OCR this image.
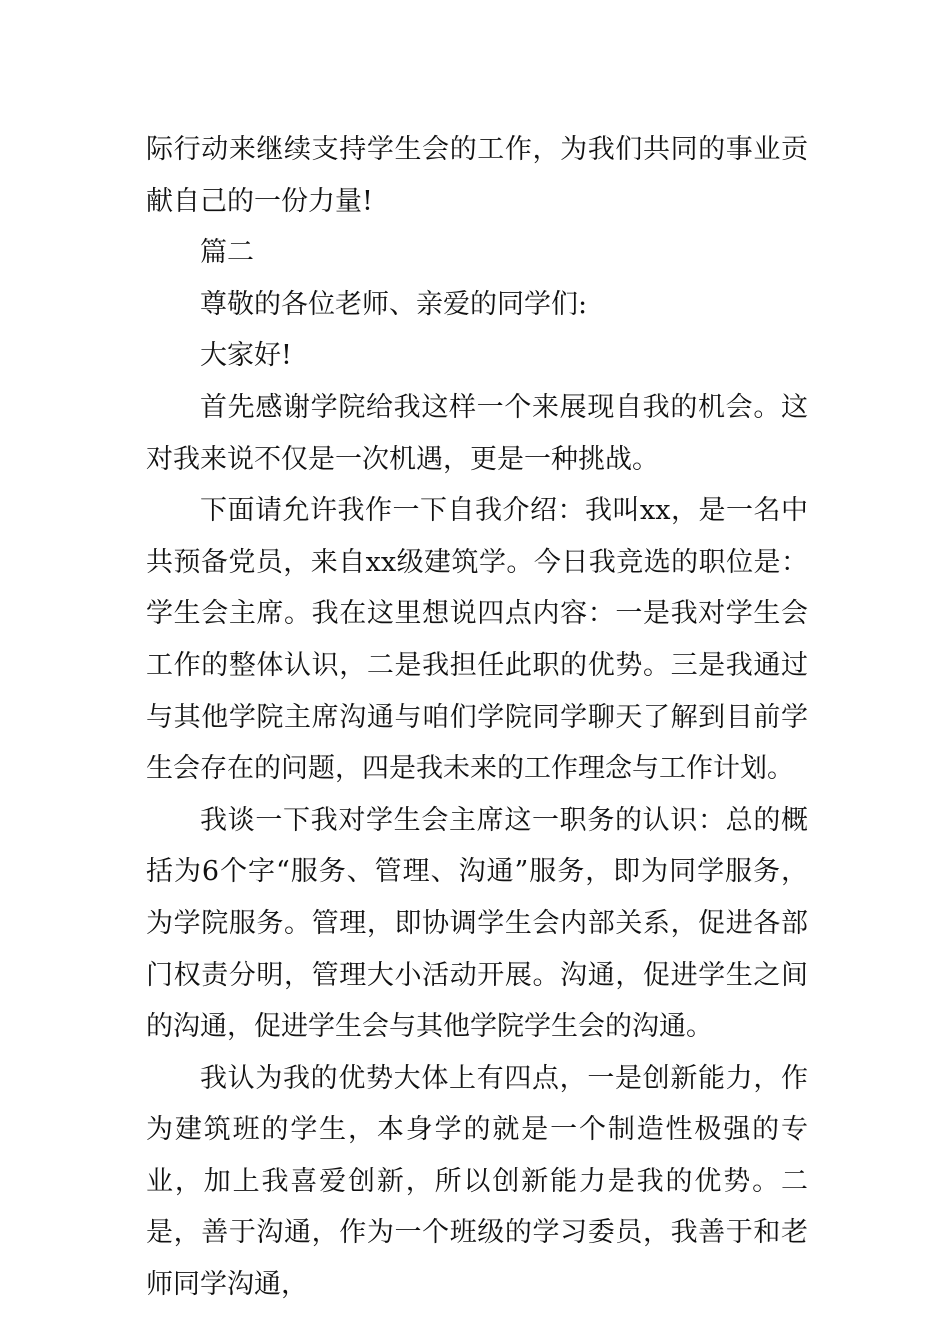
际行动来继续支持学生会的工作，为我们共同的事业贡献自己的一份力量!

篇二

尊敬的各位老师、亲爱的同学们:

大家好!

首先感谢学院给我这样一个来展现自我的机会。这对我来说不仅是一次机遇，更是一种挑战。

下面请允许我作一下自我介绍：我叫xx，是一名中共预备党员，来自xx级建筑学。今日我竞选的职位是：学生会主席。我在这里想说四点内容：一是我对学生会工作的整体认识，二是我担任此职的优势。三是我通过与其他学院主席沟通与咱们学院同学聊天了解到目前学生会存在的问题，四是我未来的工作理念与工作计划。

我谈一下我对学生会主席这一职务的认识：总的概括为6个字“服务、管理、沟通”服务，即为同学服务，为学院服务。管理，即协调学生会内部关系，促进各部门权责分明，管理大小活动开展。沟通，促进学生之间的沟通，促进学生会与其他学院学生会的沟通。

我认为我的优势大体上有四点，一是创新能力，作为建筑班的学生，本身学的就是一个制造性极强的专业，加上我喜爱创新，所以创新能力是我的优势。二是，善于沟通，作为一个班级的学习委员，我善于和老师同学沟通，
